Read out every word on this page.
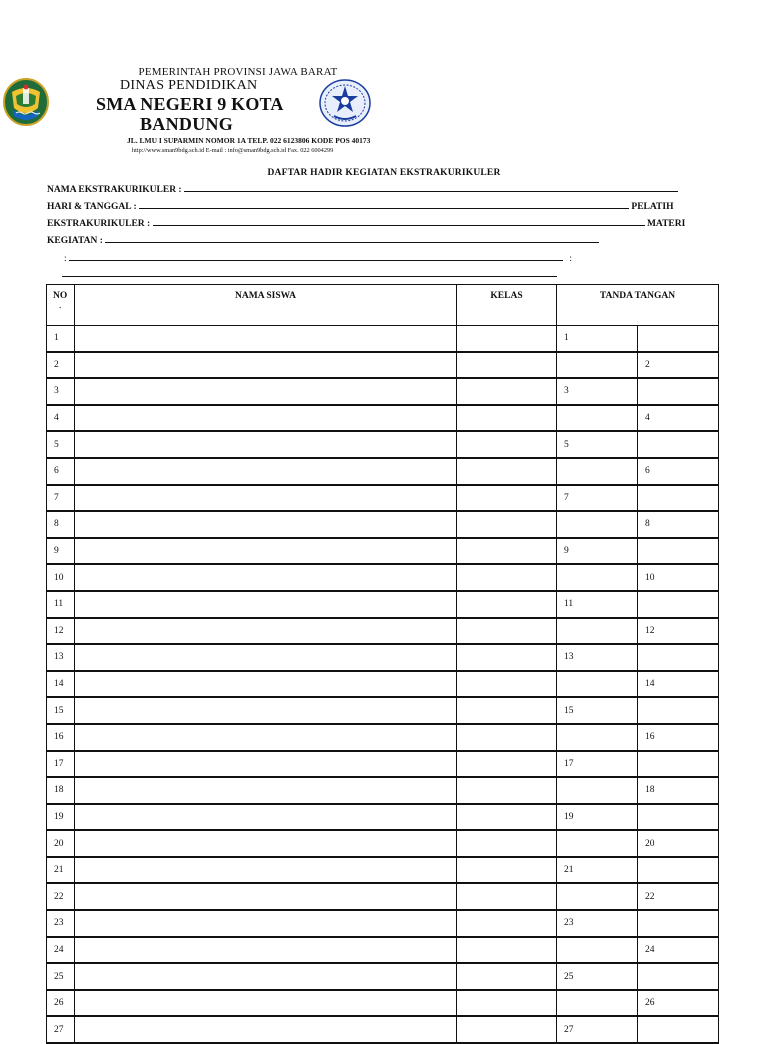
PEMERINTAH PROVINSI JAWA BARAT
DINAS PENDIDIKAN
SMA NEGERI 9 KOTA
BANDUNG
JL. LMU I SUPARMIN NOMOR 1A TELP. 022 6123806 KODE POS 40173
http://www.sman9bdg.sch.id E-mail : info@sman9bdg.sch.id Fax. 022 6004299
DAFTAR HADIR KEGIATAN EKSTRAKURIKULER
NAMA EKSTRAKURIKULER :
HARI & TANGGAL :	PELATIH
EKSTRAKURIKULER :	MATERI
KEGIATAN :
:	:
NO
.	NAMA SISWA	KELAS	TANDA TANGAN	
1			1	
2				2
3			3	
4				4
5			5	
6				6
7			7	
8				8
9			9	
10				10
11			11	
12				12
13			13	
14				14
15			15	
16				16
17			17	
18				18
19			19	
20				20
21			21	
22				22
23			23	
24				24
25			25	
26				26
27			27	
